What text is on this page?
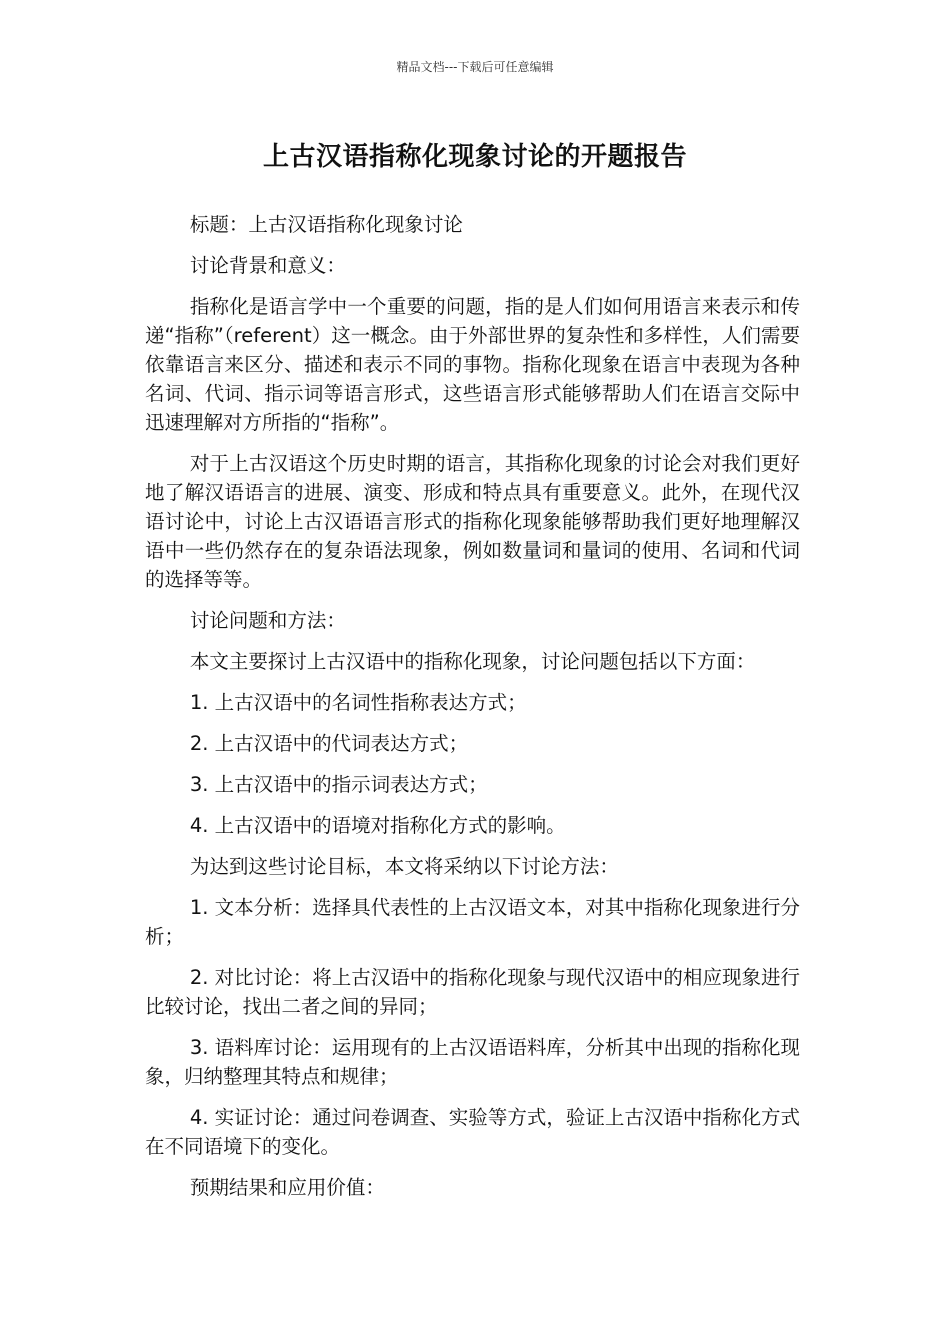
精品文档---下载后可任意编辑
上古汉语指称化现象讨论的开题报告

标题：上古汉语指称化现象讨论

讨论背景和意义：

指称化是语言学中一个重要的问题，指的是人们如何用语言来表示和传递“指称”（referent）这一概念。由于外部世界的复杂性和多样性，人们需要依靠语言来区分、描述和表示不同的事物。指称化现象在语言中表现为各种名词、代词、指示词等语言形式，这些语言形式能够帮助人们在语言交际中迅速理解对方所指的“指称”。

对于上古汉语这个历史时期的语言，其指称化现象的讨论会对我们更好地了解汉语语言的进展、演变、形成和特点具有重要意义。此外，在现代汉语讨论中，讨论上古汉语语言形式的指称化现象能够帮助我们更好地理解汉语中一些仍然存在的复杂语法现象，例如数量词和量词的使用、名词和代词的选择等等。

讨论问题和方法：

本文主要探讨上古汉语中的指称化现象，讨论问题包括以下方面：

1. 上古汉语中的名词性指称表达方式；

2. 上古汉语中的代词表达方式；

3. 上古汉语中的指示词表达方式；

4. 上古汉语中的语境对指称化方式的影响。

为达到这些讨论目标，本文将采纳以下讨论方法：

1. 文本分析：选择具代表性的上古汉语文本，对其中指称化现象进行分析；

2. 对比讨论：将上古汉语中的指称化现象与现代汉语中的相应现象进行比较讨论，找出二者之间的异同；

3. 语料库讨论：运用现有的上古汉语语料库，分析其中出现的指称化现象，归纳整理其特点和规律；

4. 实证讨论：通过问卷调查、实验等方式，验证上古汉语中指称化方式在不同语境下的变化。

预期结果和应用价值：
